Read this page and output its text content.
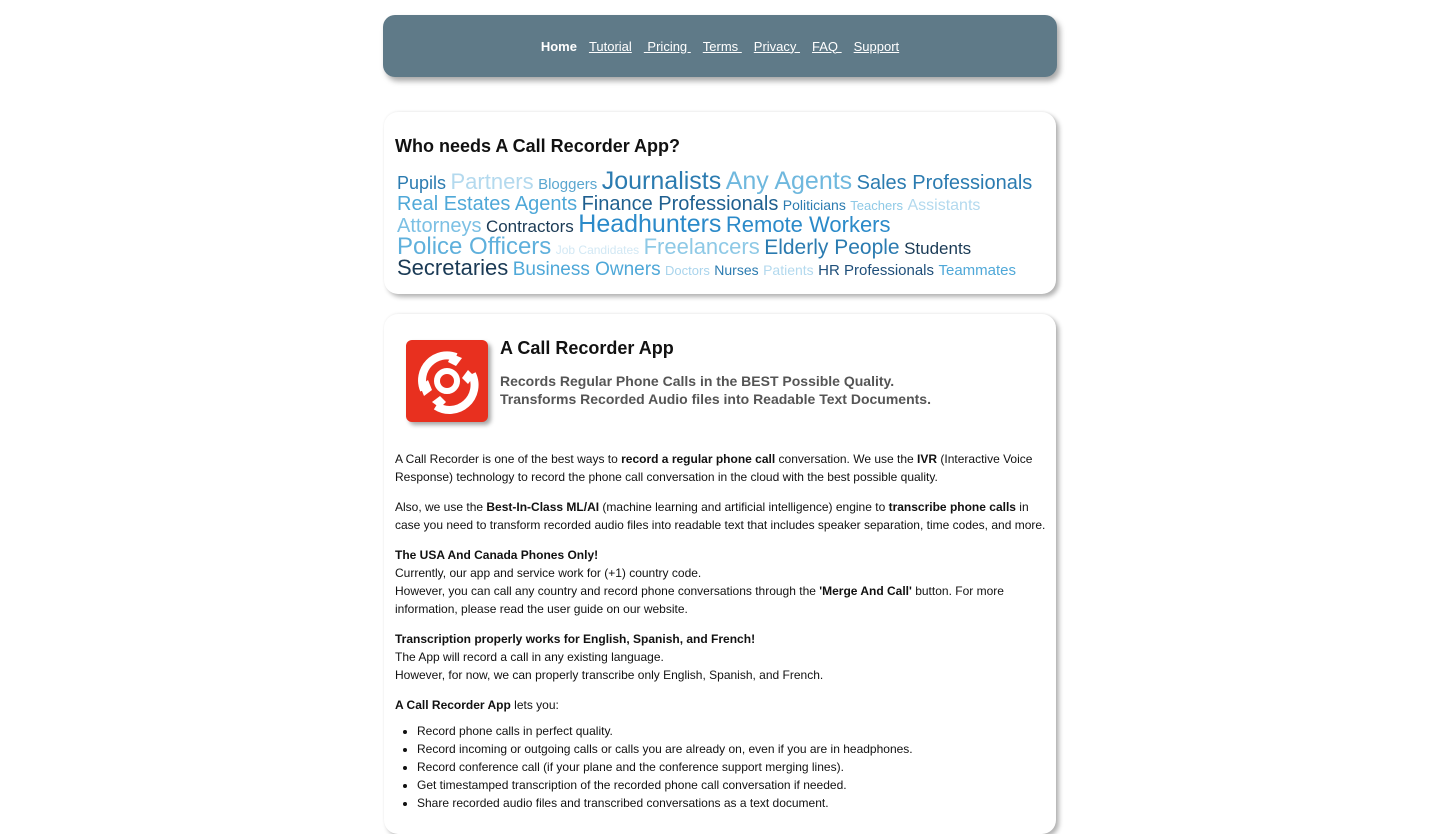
Home Tutorial Pricing Terms Privacy FAQ Support
Who needs A Call Recorder App?
Pupils Partners Bloggers Journalists Any Agents Sales Professionals Real Estates Agents Finance Professionals Politicians Teachers Assistants Attorneys Contractors Headhunters Remote Workers Police Officers Job Candidates Freelancers Elderly People Students Secretaries Business Owners Doctors Nurses Patients HR Professionals Teammates
A Call Recorder App
Records Regular Phone Calls in the BEST Possible Quality.
Transforms Recorded Audio files into Readable Text Documents.

A Call Recorder is one of the best ways to record a regular phone call conversation. We use the IVR (Interactive Voice Response) technology to record the phone call conversation in the cloud with the best possible quality.

Also, we use the Best-In-Class ML/AI (machine learning and artificial intelligence) engine to transcribe phone calls in case you need to transform recorded audio files into readable text that includes speaker separation, time codes, and more.

The USA And Canada Phones Only!
Currently, our app and service work for (+1) country code.
However, you can call any country and record phone conversations through the 'Merge And Call' button. For more information, please read the user guide on our website.

Transcription properly works for English, Spanish, and French!
The App will record a call in any existing language.
However, for now, we can properly transcribe only English, Spanish, and French.

A Call Recorder App lets you:

• Record phone calls in perfect quality.
• Record incoming or outgoing calls or calls you are already on, even if you are in headphones.
• Record conference call (if your plane and the conference support merging lines).
• Get timestamped transcription of the recorded phone call conversation if needed.
• Share recorded audio files and transcribed conversations as a text document.
